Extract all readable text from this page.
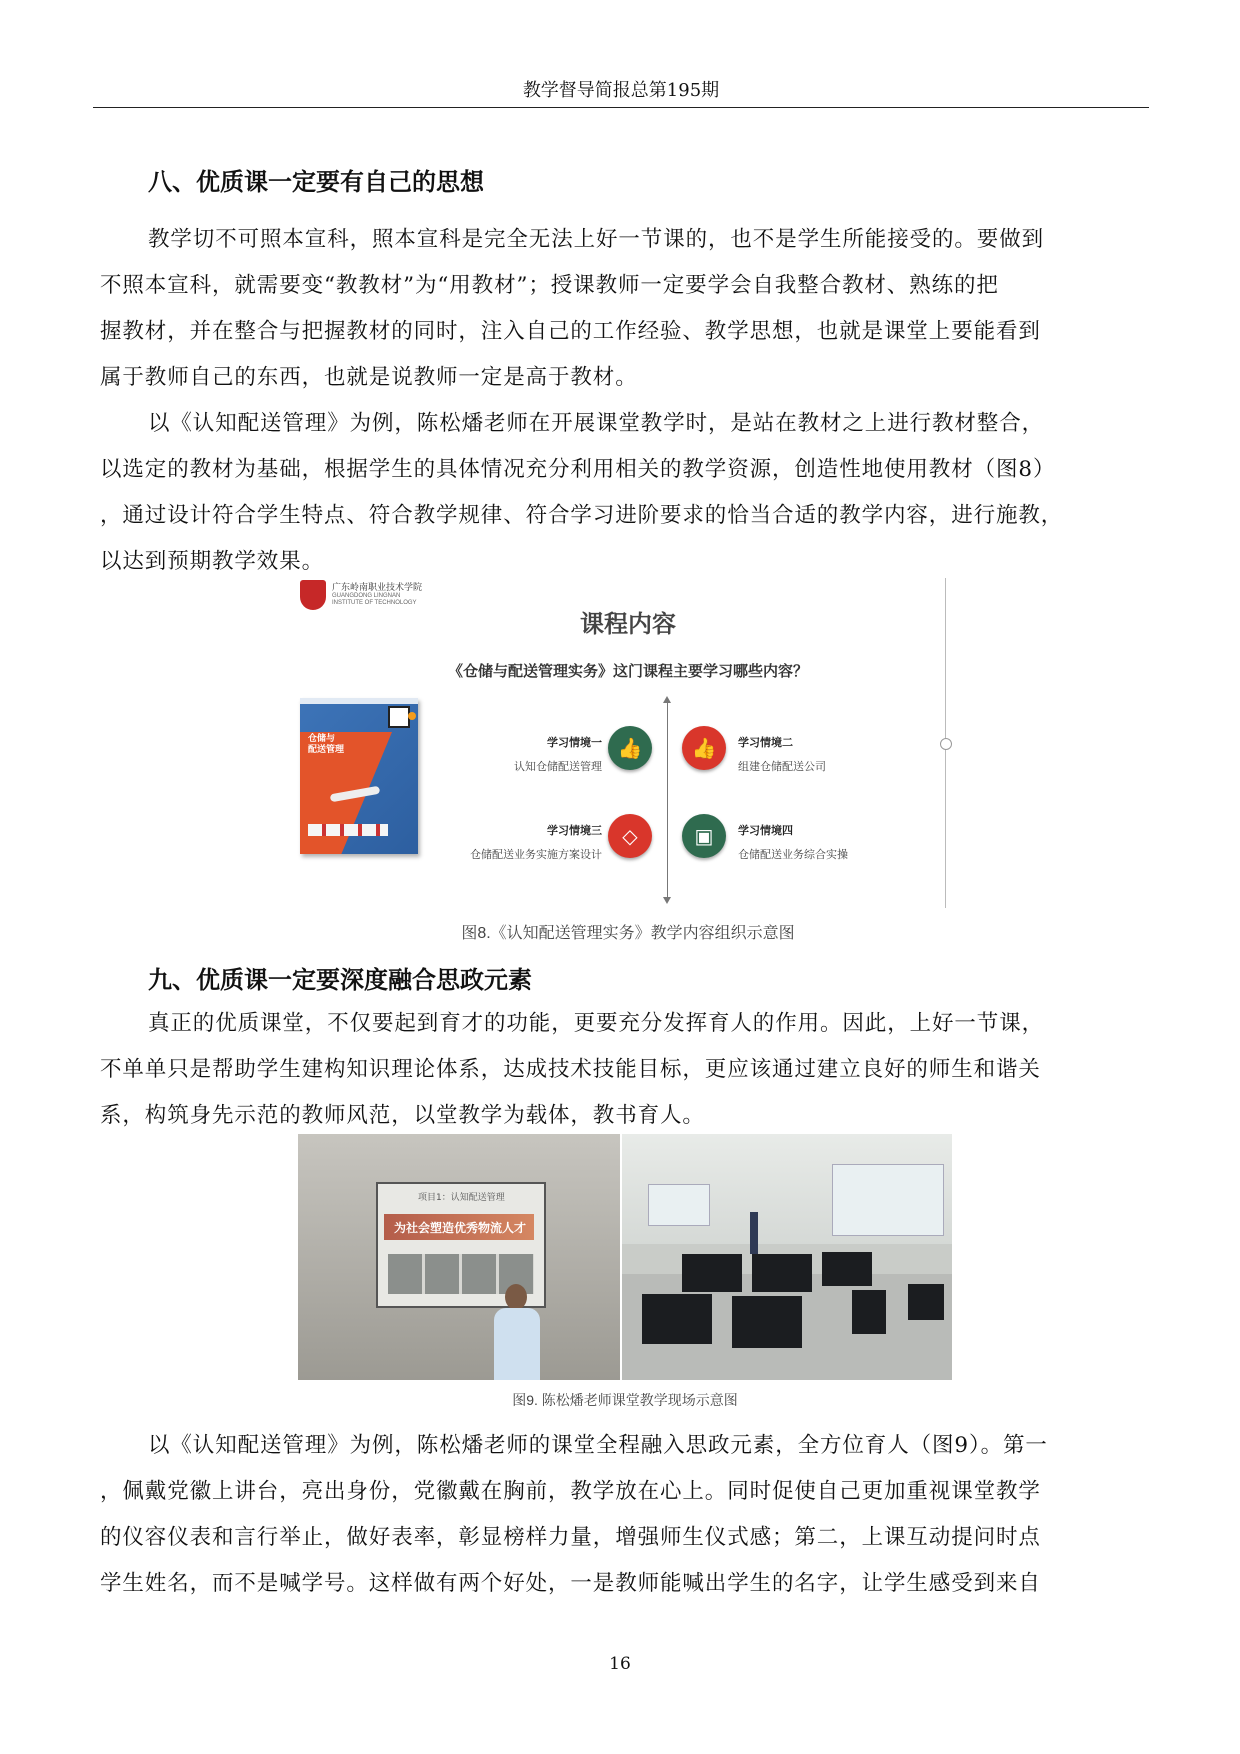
教学督导简报总第195期
八、优质课一定要有自己的思想
教学切不可照本宣科，照本宣科是完全无法上好一节课的，也不是学生所能接受的。要做到
不照本宣科，就需要变“教教材”为“用教材”；授课教师一定要学会自我整合教材、熟练的把
握教材，并在整合与把握教材的同时，注入自己的工作经验、教学思想，也就是课堂上要能看到
属于教师自己的东西，也就是说教师一定是高于教材。
以《认知配送管理》为例，陈松燔老师在开展课堂教学时，是站在教材之上进行教材整合，
以选定的教材为基础，根据学生的具体情况充分利用相关的教学资源，创造性地使用教材（图8）
，通过设计符合学生特点、符合教学规律、符合学习进阶要求的恰当合适的教学内容，进行施教，
以达到预期教学效果。
广东岭南职业技术学院
GUANGDONG LINGNAN
INSTITUTE OF TECHNOLOGY
课程内容
《仓储与配送管理实务》这门课程主要学习哪些内容？
仓储与
配送管理
学习情境一
认知仓储配送管理
👍 👍 学习情境二
组建仓储配送公司
学习情境三
仓储配送业务实施方案设计
◇	▣ 学习情境四
仓储配送业务综合实操
图8.《认知配送管理实务》教学内容组织示意图
九、优质课一定要深度融合思政元素
真正的优质课堂，不仅要起到育才的功能，更要充分发挥育人的作用。因此，上好一节课，
不单单只是帮助学生建构知识理论体系，达成技术技能目标，更应该通过建立良好的师生和谐关
系，构筑身先示范的教师风范，以堂教学为载体，教书育人。
项目1：认知配送管理
为社会塑造优秀物流人才
图9. 陈松燔老师课堂教学现场示意图
以《认知配送管理》为例，陈松燔老师的课堂全程融入思政元素，全方位育人（图9）。第一
，佩戴党徽上讲台，亮出身份，党徽戴在胸前，教学放在心上。同时促使自己更加重视课堂教学
的仪容仪表和言行举止，做好表率，彰显榜样力量，增强师生仪式感；第二，上课互动提问时点
学生姓名，而不是喊学号。这样做有两个好处，一是教师能喊出学生的名字，让学生感受到来自
16
